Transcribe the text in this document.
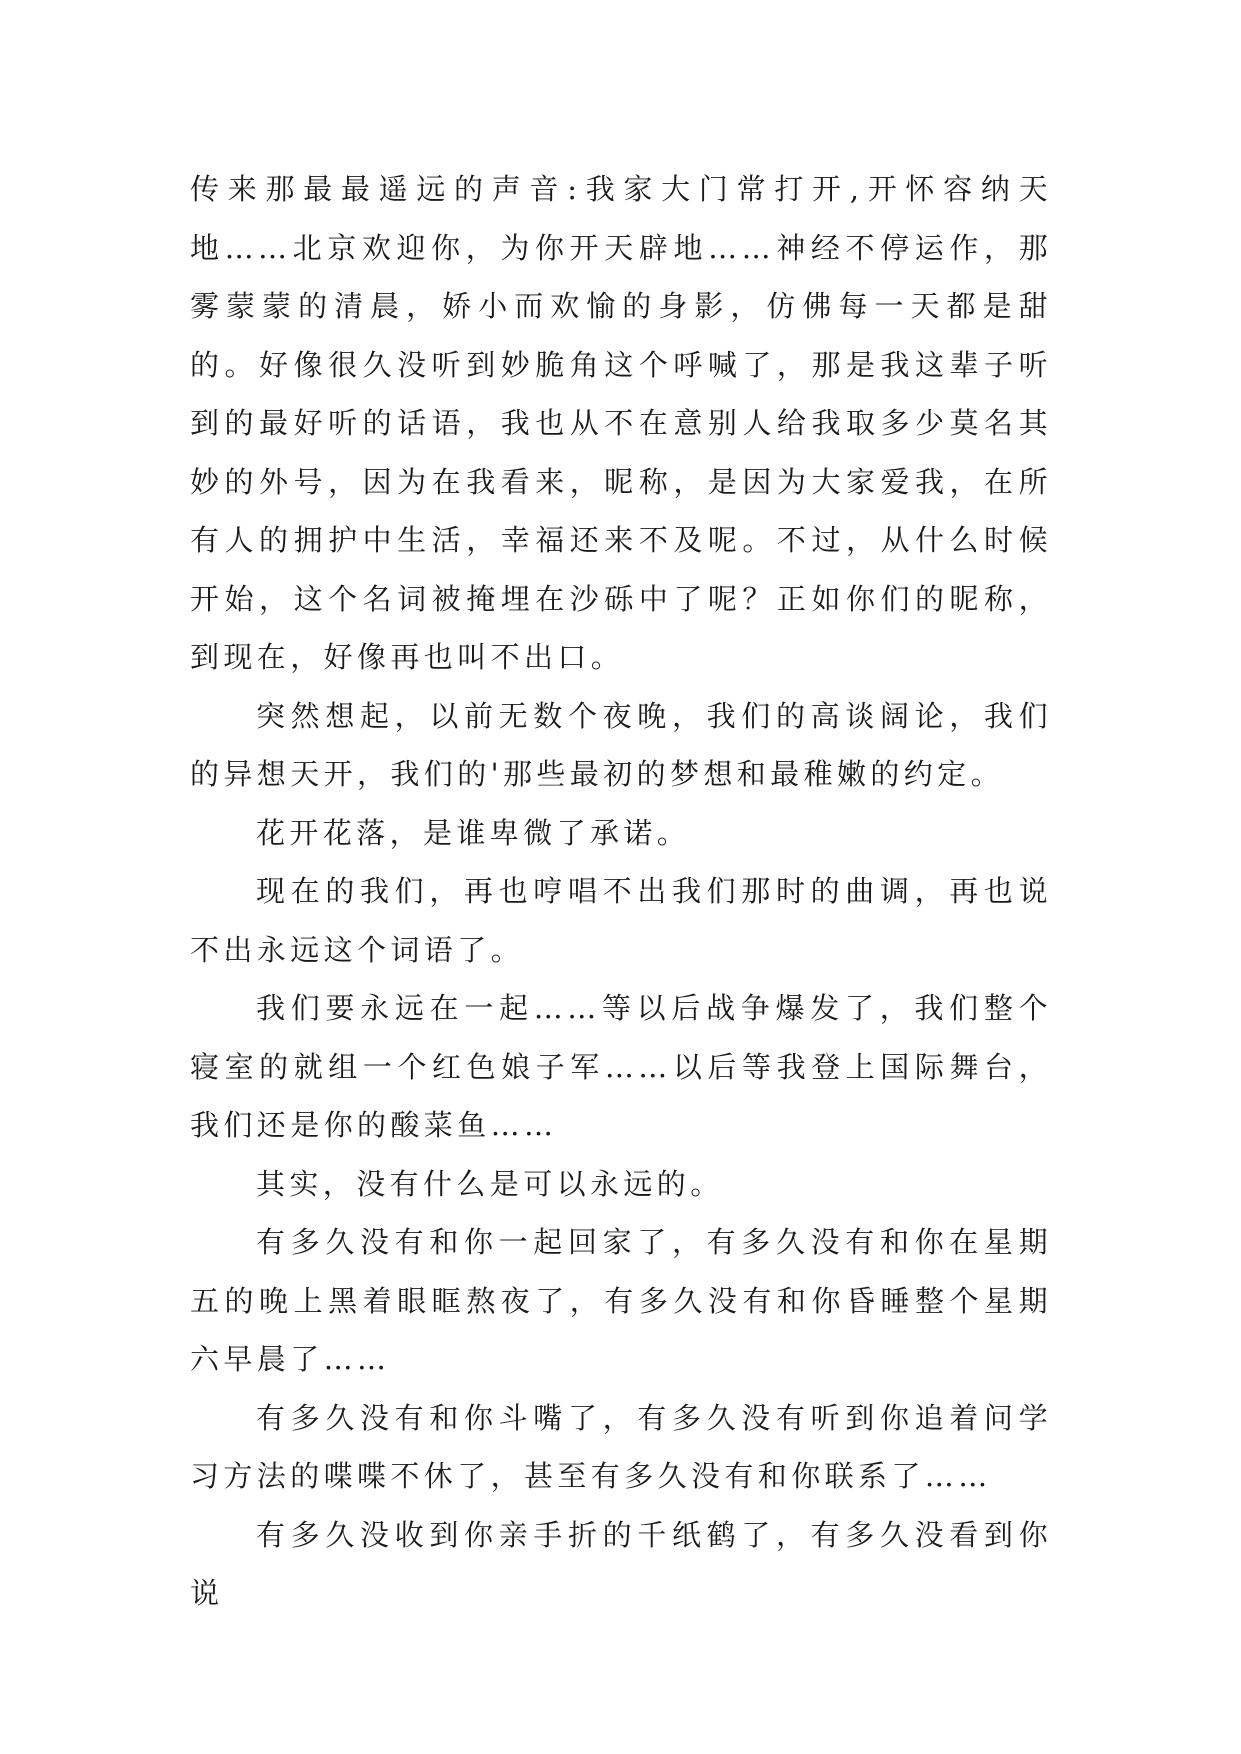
传来那最最遥远的声音:我家大门常打开,开怀容纳天地……北京欢迎你，为你开天辟地……神经不停运作，那雾蒙蒙的清晨，娇小而欢愉的身影，仿佛每一天都是甜的。好像很久没听到妙脆角这个呼喊了，那是我这辈子听到的最好听的话语，我也从不在意别人给我取多少莫名其妙的外号，因为在我看来，昵称，是因为大家爱我，在所有人的拥护中生活，幸福还来不及呢。不过，从什么时候开始，这个名词被掩埋在沙砾中了呢？正如你们的昵称，到现在，好像再也叫不出口。

突然想起，以前无数个夜晚，我们的高谈阔论，我们的异想天开，我们的'那些最初的梦想和最稚嫩的约定。

花开花落，是谁卑微了承诺。

现在的我们，再也哼唱不出我们那时的曲调，再也说不出永远这个词语了。

我们要永远在一起……等以后战争爆发了，我们整个寝室的就组一个红色娘子军……以后等我登上国际舞台，我们还是你的酸菜鱼……

其实，没有什么是可以永远的。

有多久没有和你一起回家了，有多久没有和你在星期五的晚上黑着眼眶熬夜了，有多久没有和你昏睡整个星期六早晨了……

有多久没有和你斗嘴了，有多久没有听到你追着问学习方法的喋喋不休了，甚至有多久没有和你联系了……

有多久没收到你亲手折的千纸鹤了，有多久没看到你说
